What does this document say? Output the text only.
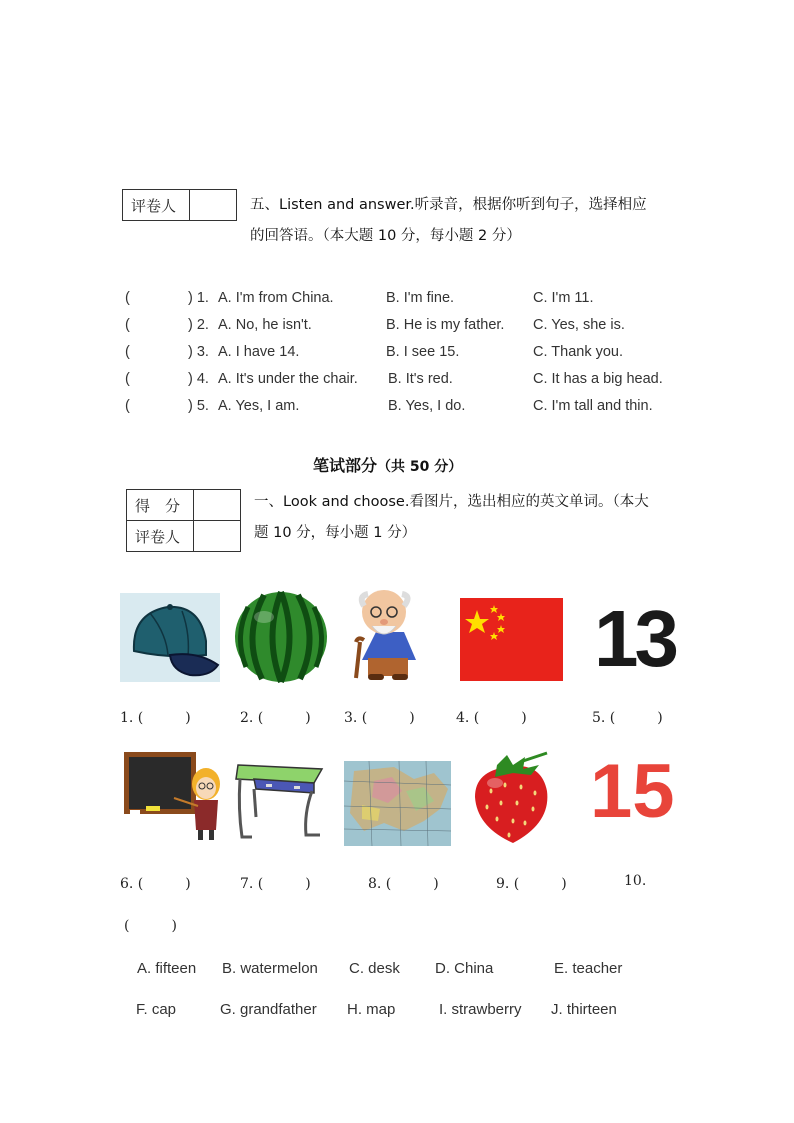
评卷人		五、Listen and answer.听录音，根据你听到句子，选择相应
的回答语。（本大题 10 分，每小题 2 分）
(	) 1. A. I'm from China.	B. I'm fine.	C. I'm 11.
(	) 2. A. No, he isn't.	B. He is my father. C. Yes, she is.
(	) 3. A. I have 14.	B. I see 15.	C. Thank you.
(	) 4. A. It's under the chair. B. It's red.	C. It has a big head.
(	) 5. A. Yes, I am.	B. Yes, I do.	C. I'm tall and thin.
笔试部分（共 50 分）
得　分	
评卷人	
一、Look and choose.看图片，选出相应的英文单词。（本大
题 10 分，每小题 1 分）
13
1. (　　　)	2. (　　　) 3. (　　　)	4. (　　　)	5. (　　　)
15
6. (　　　)	7. (　　　)	8. (　　　)	9. (　　　)	10.
(　　　)
A. fifteen B. watermelon C. desk D. China	E. teacher
F. cap	G. grandfather H. map	I. strawberry J. thirteen
